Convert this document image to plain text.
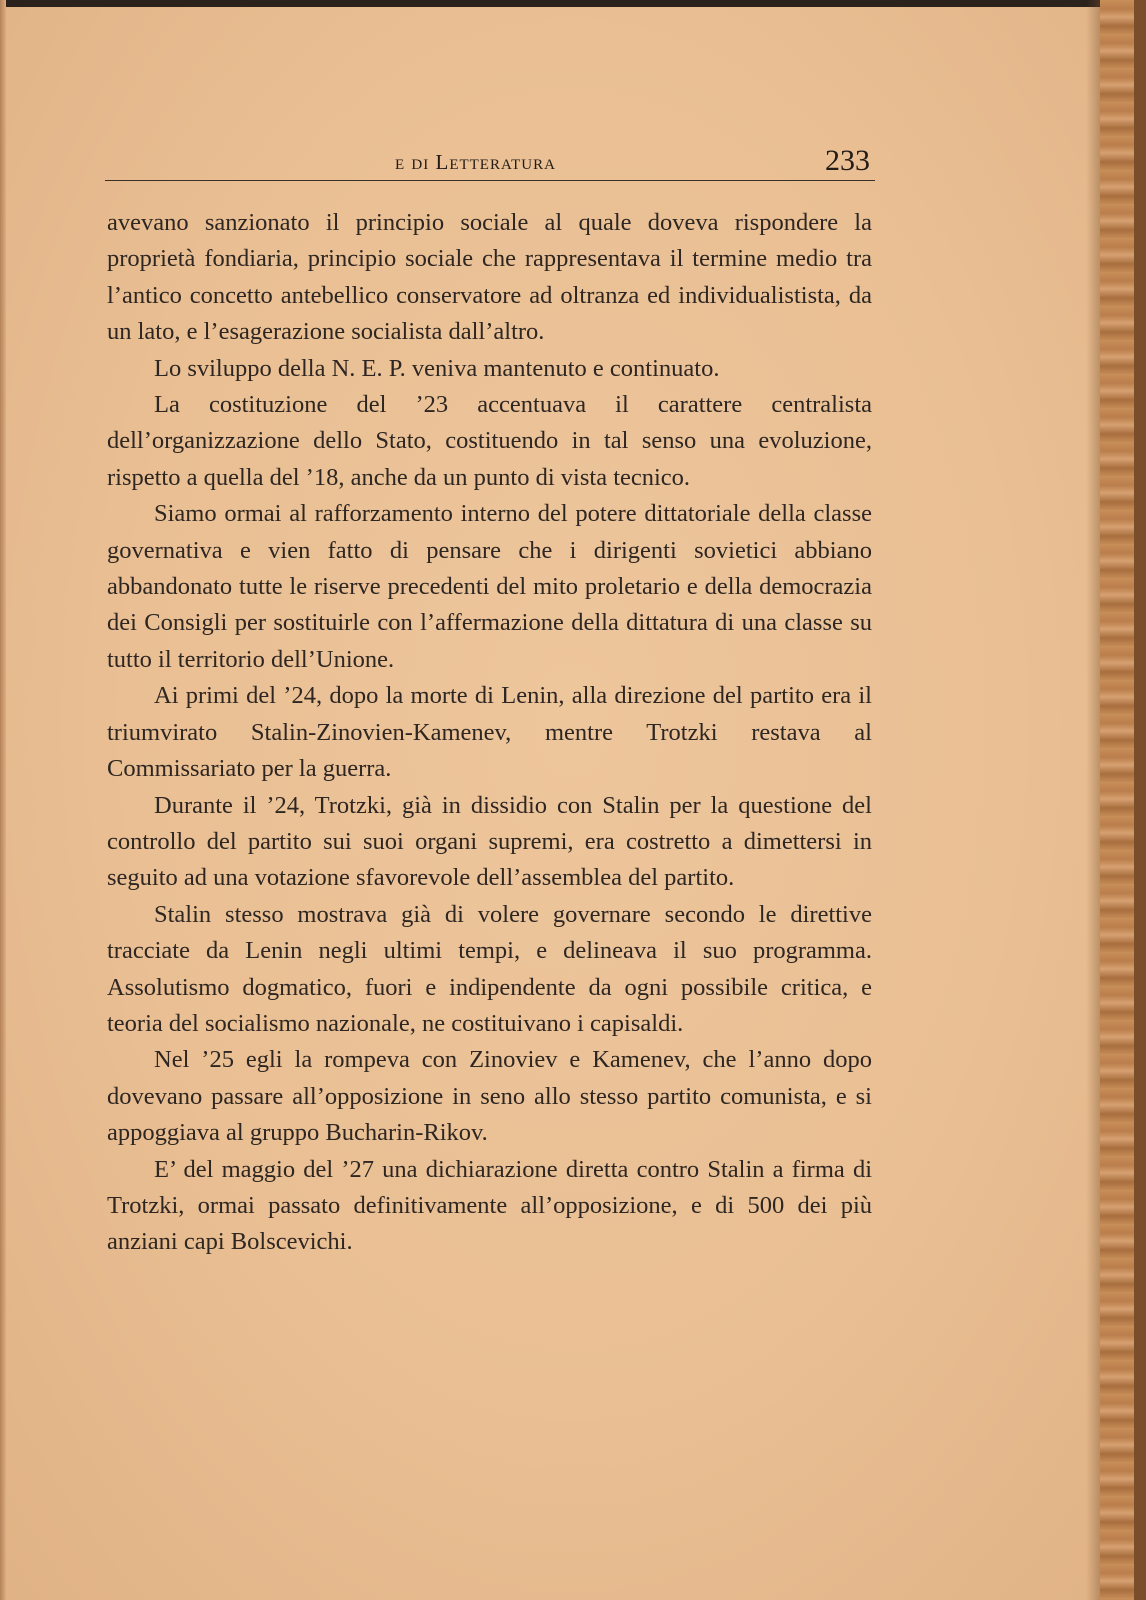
e di Letteratura	233

avevano sanzionato il principio sociale al quale doveva rispondere la proprietà fondiaria, principio sociale che rappresentava il termine medio tra l’antico concetto antebellico conservatore ad oltranza ed individualistista, da un lato, e l’esagerazione socialista dall’altro.

Lo sviluppo della N. E. P. veniva mantenuto e continuato.

La costituzione del ’23 accentuava il carattere centralista dell’organizzazione dello Stato, costituendo in tal senso una evoluzione, rispetto a quella del ’18, anche da un punto di vista tecnico.

Siamo ormai al rafforzamento interno del potere dittatoriale della classe governativa e vien fatto di pensare che i dirigenti sovietici abbiano abbandonato tutte le riserve precedenti del mito proletario e della democrazia dei Consigli per sostituirle con l’affermazione della dittatura di una classe su tutto il territorio dell’Unione.

Ai primi del ’24, dopo la morte di Lenin, alla direzione del partito era il triumvirato Stalin-Zinovien-Kamenev, mentre Trotzki restava al Commissariato per la guerra.

Durante il ’24, Trotzki, già in dissidio con Stalin per la questione del controllo del partito sui suoi organi supremi, era costretto a dimettersi in seguito ad una votazione sfavorevole dell’assemblea del partito.

Stalin stesso mostrava già di volere governare secondo le direttive tracciate da Lenin negli ultimi tempi, e delineava il suo programma. Assolutismo dogmatico, fuori e indipendente da ogni possibile critica, e teoria del socialismo nazionale, ne costituivano i capisaldi.

Nel ’25 egli la rompeva con Zinoviev e Kamenev, che l’anno dopo dovevano passare all’opposizione in seno allo stesso partito comunista, e si appoggiava al gruppo Bucharin-Rikov.

E’ del maggio del ’27 una dichiarazione diretta contro Stalin a firma di Trotzki, ormai passato definitivamente all’opposizione, e di 500 dei più anziani capi Bolscevichi.
